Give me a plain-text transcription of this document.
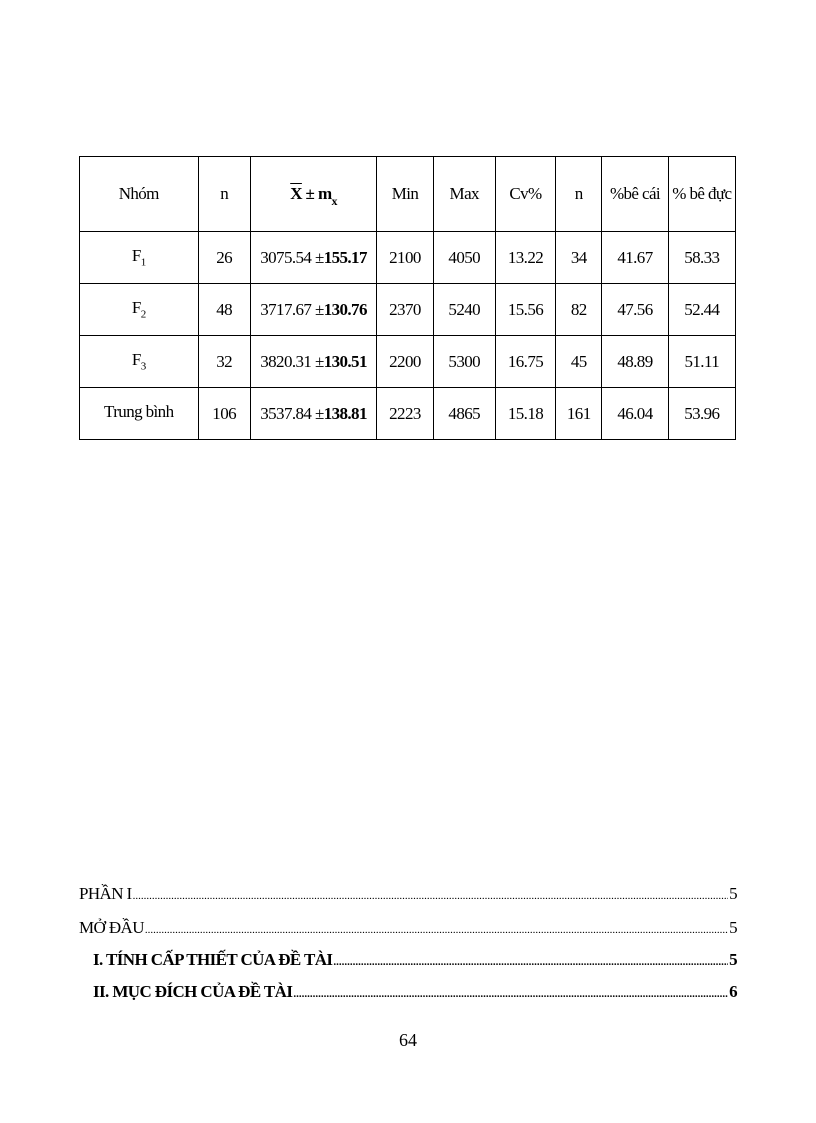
Nhóm	n	$\overline{X} \pm m_x$	Min	Max	Cv%	n	%bê cái	% bê đực
$F_1$	26	3075.54 ±155.17	2100	4050	13.22	34	41.67	58.33
$F_2$	48	3717.67 ±130.76	2370	5240	15.56	82	47.56	52.44
$F_3$	32	3820.31 ±130.51	2200	5300	16.75	45	48.89	51.11
Trung bình	106	3537.84 ±138.81	2223	4865	15.18	161	46.04	53.96
PHẦN I .....	5
MỞ ĐẦU .....	5
I. TÍNH CẤP THIẾT CỦA ĐỀ TÀI .....	5
II. MỤC ĐÍCH CỦA ĐỀ TÀI .....	6
64
